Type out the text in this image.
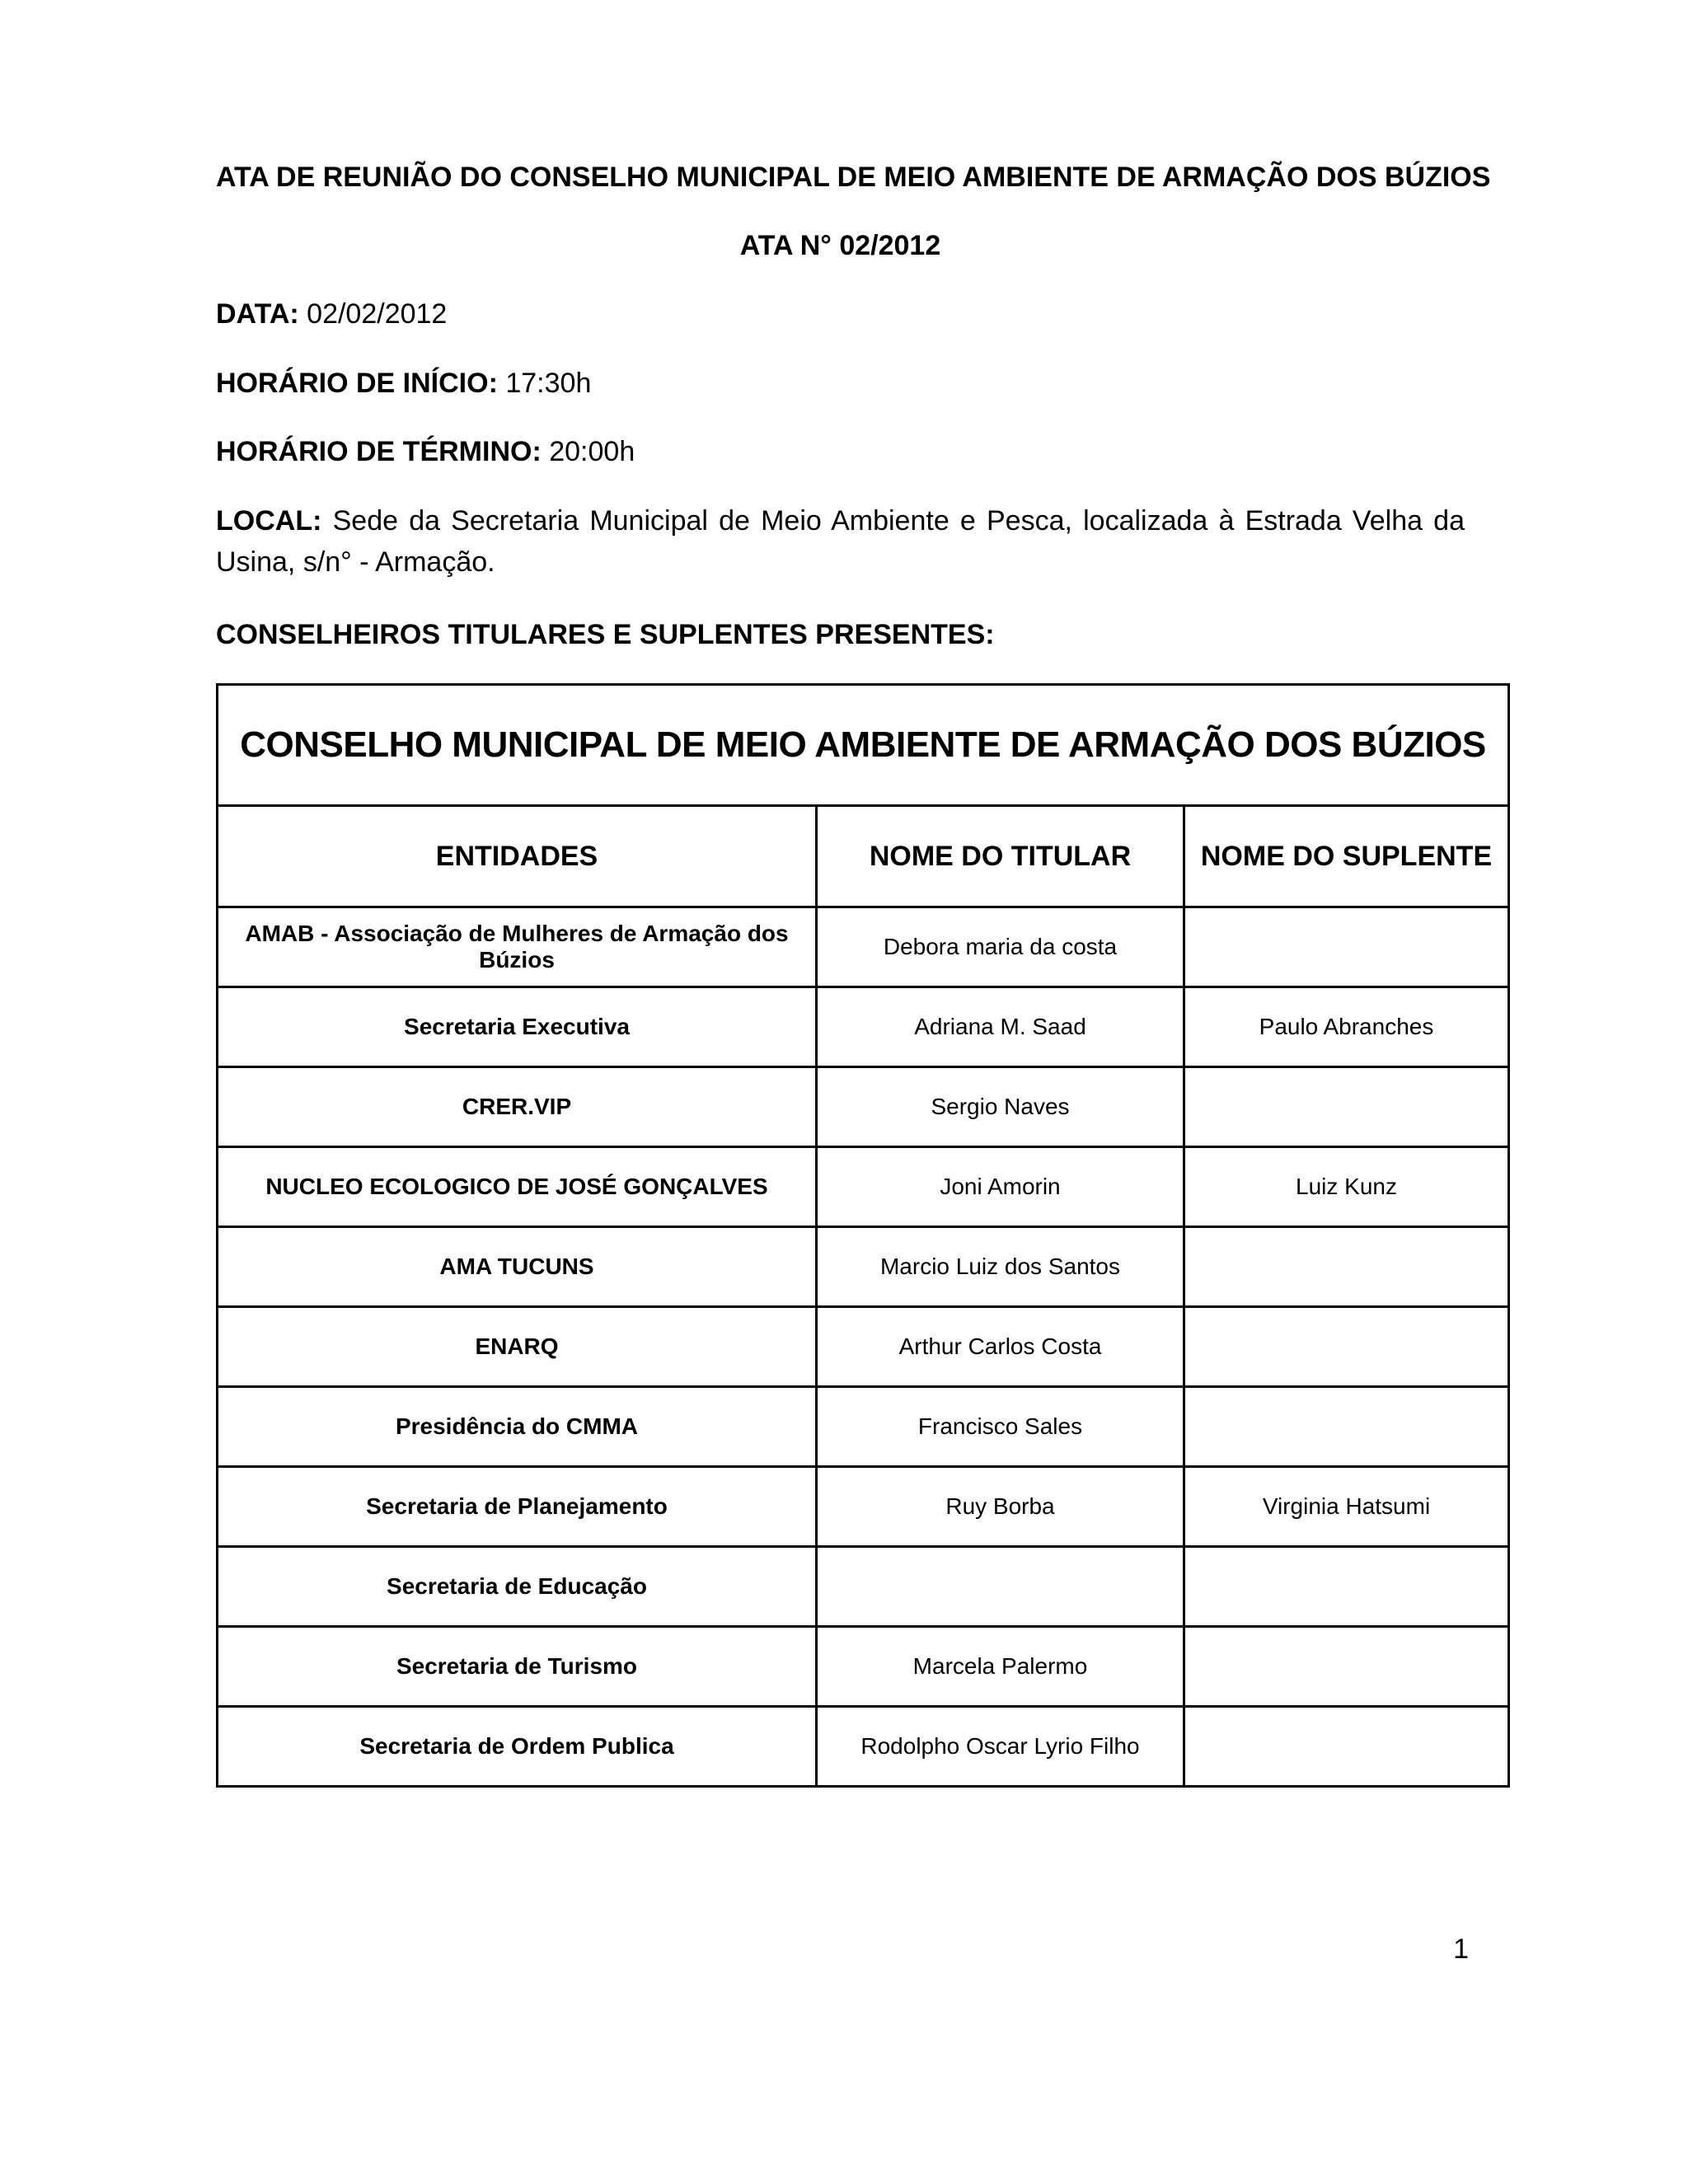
ATA DE REUNIÃO DO CONSELHO MUNICIPAL DE MEIO AMBIENTE DE ARMAÇÃO DOS BÚZIOS
ATA N° 02/2012
DATA: 02/02/2012
HORÁRIO DE INÍCIO: 17:30h
HORÁRIO DE TÉRMINO: 20:00h
LOCAL: Sede da Secretaria Municipal de Meio Ambiente e Pesca, localizada à Estrada Velha da Usina, s/n° - Armação.
CONSELHEIROS TITULARES E SUPLENTES PRESENTES:
CONSELHO MUNICIPAL DE MEIO AMBIENTE DE ARMAÇÃO DOS BÚZIOS		
ENTIDADES	NOME DO TITULAR	NOME DO SUPLENTE
AMAB - Associação de Mulheres de Armação dos Búzios	Debora maria da costa	
Secretaria Executiva	Adriana M. Saad	Paulo Abranches
CRER.VIP	Sergio Naves	
NUCLEO ECOLOGICO DE JOSÉ GONÇALVES	Joni Amorin	Luiz Kunz
AMA TUCUNS	Marcio Luiz dos Santos	
ENARQ	Arthur Carlos Costa	
Presidência do CMMA	Francisco Sales	
Secretaria de Planejamento	Ruy Borba	Virginia Hatsumi
Secretaria de Educação		
Secretaria de Turismo	Marcela Palermo	
Secretaria de Ordem Publica	Rodolpho Oscar Lyrio Filho	
1
